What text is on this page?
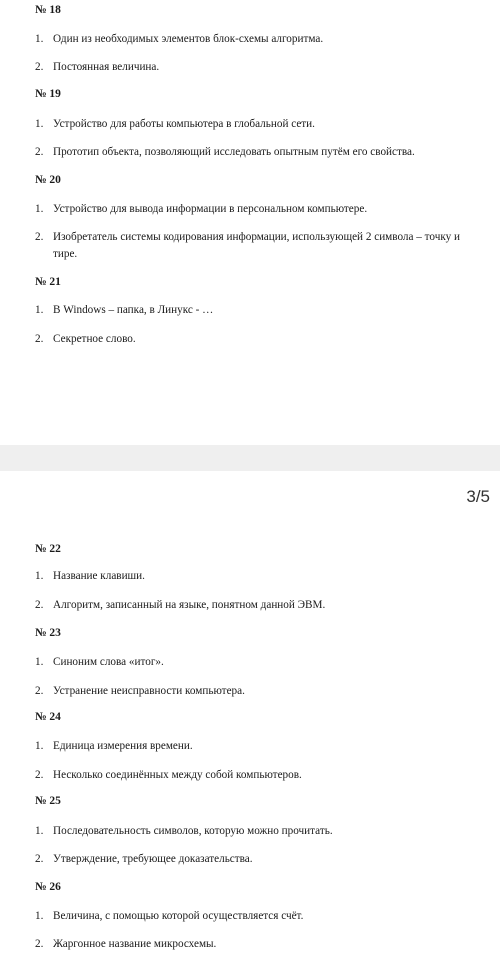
№ 18
1. Один из необходимых элементов блок-схемы алгоритма.
2. Постоянная величина.
№ 19
1. Устройство для работы компьютера в глобальной сети.
2. Прототип объекта, позволяющий исследовать опытным путём его свойства.
№ 20
1. Устройство для вывода информации в персональном компьютере.
2. Изобретатель системы кодирования информации, использующей 2 символа – точку и тире.
№ 21
1. В Windows – папка, в Линукс - …
2. Секретное слово.
3/5
№ 22
1. Название клавиши.
2. Алгоритм, записанный на языке, понятном данной ЭВМ.
№ 23
1. Синоним слова «итог».
2. Устранение неисправности компьютера.
№ 24
1. Единица измерения времени.
2. Несколько соединённых между собой компьютеров.
№ 25
1. Последовательность символов, которую можно прочитать.
2. Утверждение, требующее доказательства.
№ 26
1. Величина, с помощью которой осуществляется счёт.
2. Жаргонное название микросхемы.
